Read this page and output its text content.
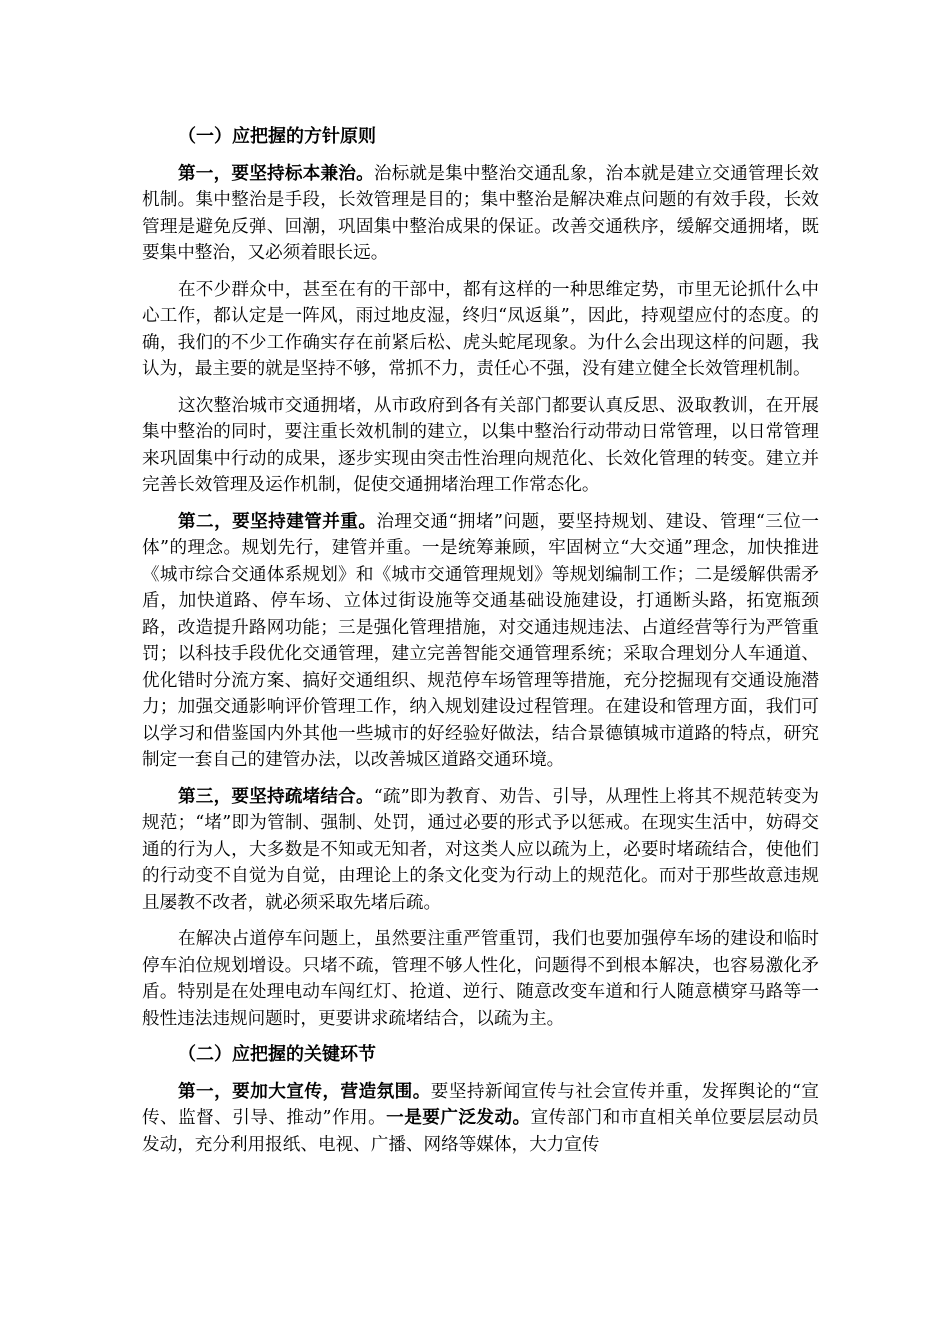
（一）应把握的方针原则

第一，要坚持标本兼治。治标就是集中整治交通乱象，治本就是建立交通管理长效机制。集中整治是手段，长效管理是目的；集中整治是解决难点问题的有效手段，长效管理是避免反弹、回潮，巩固集中整治成果的保证。改善交通秩序，缓解交通拥堵，既要集中整治，又必须着眼长远。

在不少群众中，甚至在有的干部中，都有这样的一种思维定势，市里无论抓什么中心工作，都认定是一阵风，雨过地皮湿，终归“凤返巢”，因此，持观望应付的态度。的确，我们的不少工作确实存在前紧后松、虎头蛇尾现象。为什么会出现这样的问题，我认为，最主要的就是坚持不够，常抓不力，责任心不强，没有建立健全长效管理机制。

这次整治城市交通拥堵，从市政府到各有关部门都要认真反思、汲取教训，在开展集中整治的同时，要注重长效机制的建立，以集中整治行动带动日常管理，以日常管理来巩固集中行动的成果，逐步实现由突击性治理向规范化、长效化管理的转变。建立并完善长效管理及运作机制，促使交通拥堵治理工作常态化。

第二，要坚持建管并重。治理交通“拥堵”问题，要坚持规划、建设、管理“三位一体”的理念。规划先行，建管并重。一是统筹兼顾，牢固树立“大交通”理念，加快推进《城市综合交通体系规划》和《城市交通管理规划》等规划编制工作；二是缓解供需矛盾，加快道路、停车场、立体过街设施等交通基础设施建设，打通断头路，拓宽瓶颈路，改造提升路网功能；三是强化管理措施，对交通违规违法、占道经营等行为严管重罚；以科技手段优化交通管理，建立完善智能交通管理系统；采取合理划分人车通道、优化错时分流方案、搞好交通组织、规范停车场管理等措施，充分挖掘现有交通设施潜力；加强交通影响评价管理工作，纳入规划建设过程管理。在建设和管理方面，我们可以学习和借鉴国内外其他一些城市的好经验好做法，结合景德镇城市道路的特点，研究制定一套自己的建管办法，以改善城区道路交通环境。

第三，要坚持疏堵结合。“疏”即为教育、劝告、引导，从理性上将其不规范转变为规范；“堵”即为管制、强制、处罚，通过必要的形式予以惩戒。在现实生活中，妨碍交通的行为人，大多数是不知或无知者，对这类人应以疏为上，必要时堵疏结合，使他们的行动变不自觉为自觉，由理论上的条文化变为行动上的规范化。而对于那些故意违规且屡教不改者，就必须采取先堵后疏。

在解决占道停车问题上，虽然要注重严管重罚，我们也要加强停车场的建设和临时停车泊位规划增设。只堵不疏，管理不够人性化，问题得不到根本解决，也容易激化矛盾。特别是在处理电动车闯红灯、抢道、逆行、随意改变车道和行人随意横穿马路等一般性违法违规问题时，更要讲求疏堵结合，以疏为主。

（二）应把握的关键环节

第一，要加大宣传，营造氛围。要坚持新闻宣传与社会宣传并重，发挥舆论的“宣传、监督、引导、推动”作用。一是要广泛发动。宣传部门和市直相关单位要层层动员发动，充分利用报纸、电视、广播、网络等媒体，大力宣传
